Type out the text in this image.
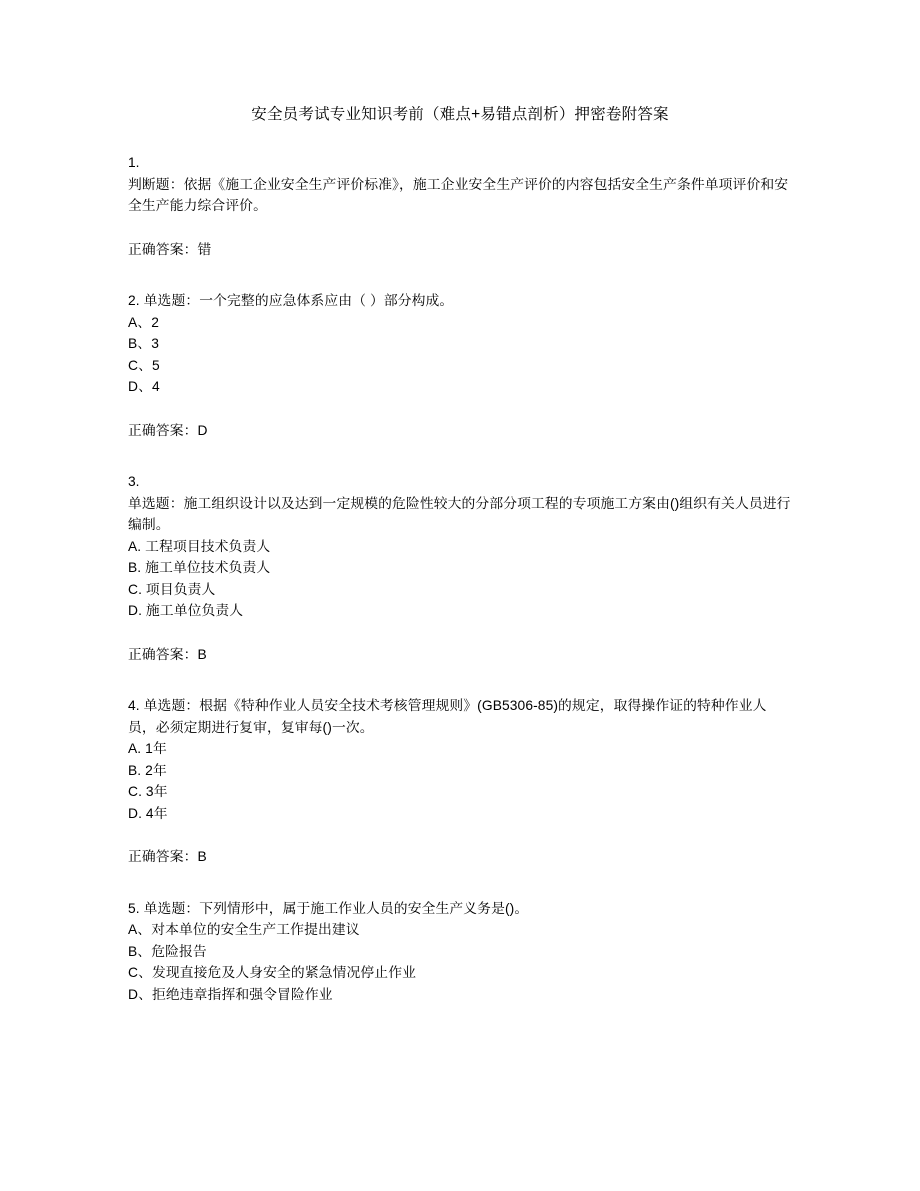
安全员考试专业知识考前（难点+易错点剖析）押密卷附答案
1.
判断题：依据《施工企业安全生产评价标准》，施工企业安全生产评价的内容包括安全生产条件单项评价和安全生产能力综合评价。
正确答案：错
2. 单选题：一个完整的应急体系应由（ ）部分构成。
A、2
B、3
C、5
D、4
正确答案：D
3.
单选题：施工组织设计以及达到一定规模的危险性较大的分部分项工程的专项施工方案由()组织有关人员进行编制。
A. 工程项目技术负责人
B. 施工单位技术负责人
C. 项目负责人
D. 施工单位负责人
正确答案：B
4. 单选题：根据《特种作业人员安全技术考核管理规则》(GB5306-85)的规定，取得操作证的特种作业人员，必须定期进行复审，复审每()一次。
A. 1年
B. 2年
C. 3年
D. 4年
正确答案：B
5. 单选题：下列情形中，属于施工作业人员的安全生产义务是()。
A、对本单位的安全生产工作提出建议
B、危险报告
C、发现直接危及人身安全的紧急情况停止作业
D、拒绝违章指挥和强令冒险作业
